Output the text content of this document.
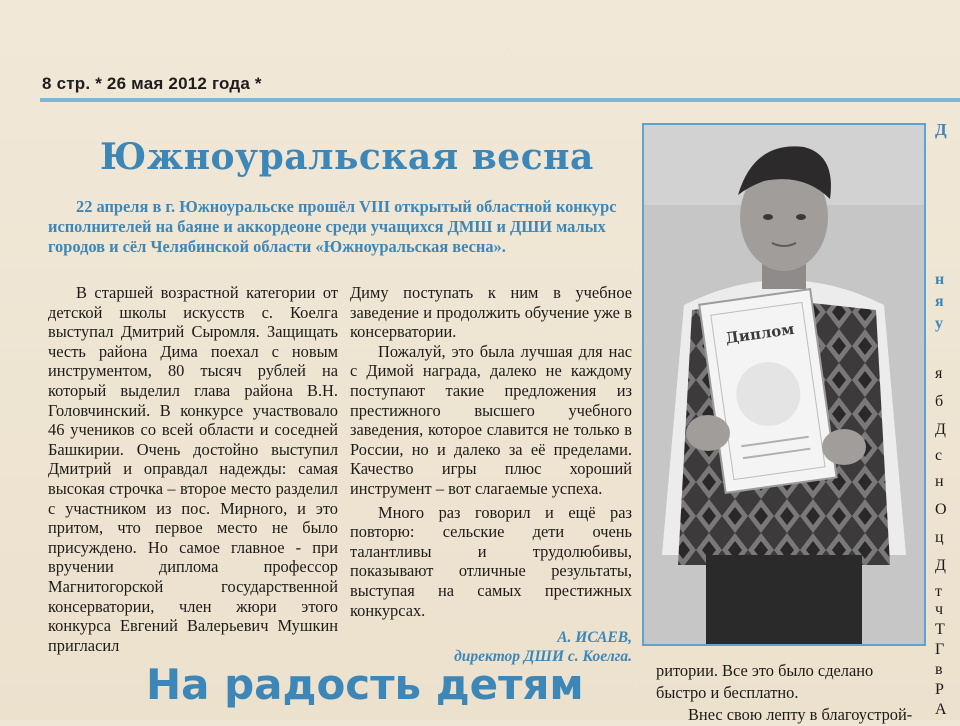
8 стр. * 26 мая 2012 года *
Южноуральская весна
22 апреля в г. Южноуральске прошёл VIII открытый областной конкурс исполнителей на баяне и аккордеоне среди учащихся ДМШ и ДШИ малых городов и сёл Челябинской области «Южноуральская весна».

В старшей возрастной категории от детской школы искусств с. Коелга выступал Дмитрий Сыромля. Защищать честь района Дима поехал с новым инструментом, 80 тысяч рублей на который выделил глава района В.Н. Головчинский. В конкурсе участвовало 46 учеников со всей области и соседней Башкирии. Очень достойно выступил Дмитрий и оправдал надежды: самая высокая строчка – второе место разделил с участником из пос. Мирного, и это притом, что первое место не было присуждено. Но самое главное - при вручении диплома профессор Магнитогорской государственной консерватории, член жюри этого конкурса Евгений Валерьевич Мушкин пригласил

Диму поступать к ним в учебное заведение и продолжить обучение уже в консерватории.

Пожалуй, это была лучшая для нас с Димой награда, далеко не каждому поступают такие предложения из престижного высшего учебного заведения, которое славится не только в России, но и далеко за её пределами. Качество игры плюс хороший инструмент – вот слагаемые успеха.

Много раз говорил и ещё раз повторю: сельские дети очень талантливы и трудолюбивы, показывают отличные результаты, выступая на самых престижных конкурсах.

А. ИСАЕВ,
директор ДШИ с. Коелга.
Диплом
На радость детям	ритории. Все это было сделано
быстро и бесплатно.
Внес свою лепту в благоустрой-
Д
н
я
у
я
б
Д
с
н
О
ц
Д
т
ч
Т
Г
в
Р
А
